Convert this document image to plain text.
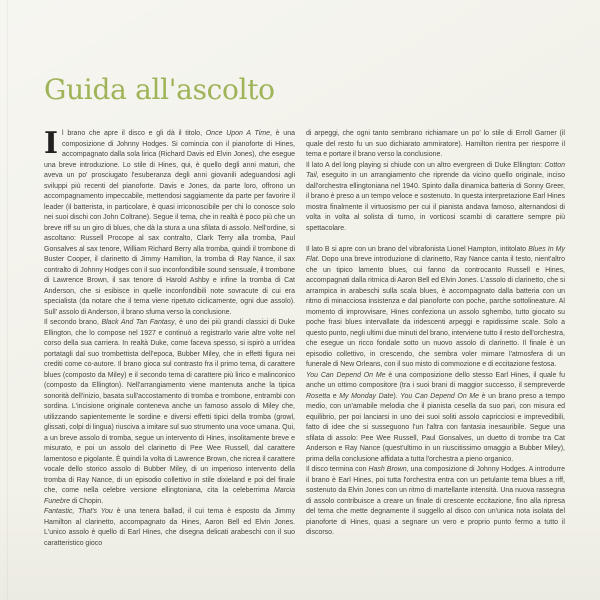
Guida all'ascolto

Il brano che apre il disco e gli dà il titolo, Once Upon A Time, è una composizione di Johnny Hodges. Si comincia con il pianoforte di Hines, accompagnato dalla sola lirica (Richard Davis ed Elvin Jones), che esegue una breve introduzione. Lo stile di Hines, qui, è quello degli anni maturi, che aveva un po' prosciugato l'esuberanza degli anni giovanili adeguandosi agli sviluppi più recenti del pianoforte. Davis e Jones, da parte loro, offrono un accompagnamento impeccabile, mettendosi saggiamente da parte per favorire il leader (il batterista, in particolare, è quasi irriconoscibile per chi lo conosce solo nei suoi dischi con John Coltrane). Segue il tema, che in realtà è poco più che un breve riff su un giro di blues, che dà la stura a una sfilata di assolo. Nell'ordine, si ascoltano: Russell Procope al sax contralto, Clark Terry alla tromba, Paul Gonsalves al sax tenore, William Richard Berry alla tromba, quindi il trombone di Buster Cooper, il clarinetto di Jimmy Hamilton, la tromba di Ray Nance, il sax contralto di Johnny Hodges con il suo inconfondibile sound sensuale, il trombone di Lawrence Brown, il sax tenore di Harold Ashby e infine la tromba di Cat Anderson, che si esibisce in quelle inconfondibili note sovracute di cui era specialista (da notare che il tema viene ripetuto ciclicamente, ogni due assolo). Sull' assolo di Anderson, il brano sfuma verso la conclusione.

Il secondo brano, Black And Tan Fantasy, è uno dei più grandi classici di Duke Ellington, che lo compose nel 1927 e continuò a registrarlo varie altre volte nel corso della sua carriera. In realtà Duke, come faceva spesso, si ispirò a un'idea portatagli dal suo trombettista dell'epoca, Bubber Miley, che in effetti figura nei crediti come co-autore. Il brano gioca sul contrasto fra il primo tema, di carattere blues (composto da Miley) e il secondo tema di carattere più lirico e malinconico (composto da Ellington). Nell'arrangiamento viene mantenuta anche la tipica sonorità dell'inizio, basata sull'accostamento di tromba e trombone, entrambi con sordina. L'incisione originale conteneva anche un famoso assolo di Miley che, utilizzando sapientemente le sordine e diversi effetti tipici della tromba (growl, glissati, colpi di lingua) riusciva a imitare sul suo strumento una voce umana. Qui, a un breve assolo di tromba, segue un intervento di Hines, insolitamente breve e misurato, e poi un assolo del clarinetto di Pee Wee Russell, dal carattere lamentoso e pigolante. È quindi la volta di Lawrence Brown, che ricrea il carattere vocale dello storico assolo di Bubber Miley, di un imperioso intervento della tromba di Ray Nance, di un episodio collettivo in stile dixieland e poi del finale che, come nella celebre versione ellingtoniana, cita la celeberrima Marcia Funebre di Chopin.

Fantastic, That's You è una tenera ballad, il cui tema è esposto da Jimmy Hamilton al clarinetto, accompagnato da Hines, Aaron Bell ed Elvin Jones. L'unico assolo è quello di Earl Hines, che disegna delicati arabeschi con il suo caratteristico gioco

di arpeggi, che ogni tanto sembrano richiamare un po' lo stile di Erroll Garner (il quale del resto fu un suo dichiarato ammiratore). Hamilton rientra per riesporre il tema e portare il brano verso la conclusione.

Il lato A del long playing si chiude con un altro evergreen di Duke Ellington: Cotton Tail, eseguito in un arrangiamento che riprende da vicino quello originale, inciso dall'orchestra ellingtoniana nel 1940. Spinto dalla dinamica batteria di Sonny Greer, il brano è preso a un tempo veloce e sostenuto. In questa interpretazione Earl Hines mostra finalmente il virtuosismo per cui il pianista andava famoso, alternandosi di volta in volta al solista di turno, in vorticosi scambi di carattere sempre più spettacolare.

Il lato B si apre con un brano del vibrafonista Lionel Hampton, intitolato Blues In My Flat. Dopo una breve introduzione di clarinetto, Ray Nance canta il testo, nient'altro che un tipico lamento blues, cui fanno da controcanto Russell e Hines, accompagnati dalla ritmica di Aaron Bell ed Elvin Jones. L'assolo di clarinetto, che si arrampica in arabeschi sulla scala blues, è accompagnato dalla batteria con un ritmo di minacciosa insistenza e dal pianoforte con poche, parche sottolineature. Al momento di improvvisare, Hines confeziona un assolo sghembo, tutto giocato su poche frasi blues intervallate da iridescenti arpeggi e rapidissime scale. Solo a questo punto, negli ultimi due minuti del brano, interviene tutto il resto dell'orchestra, che esegue un ricco fondale sotto un nuovo assolo di clarinetto. Il finale è un episodio collettivo, in crescendo, che sembra voler mimare l'atmosfera di un funerale di New Orleans, con il suo misto di commozione e di eccitazione festosa.

You Can Depend On Me è una composizione dello stesso Earl Hines, il quale fu anche un ottimo compositore (tra i suoi brani di maggior successo, il sempreverde Rosetta e My Monday Date). You Can Depend On Me è un brano preso a tempo medio, con un'amabile melodia che il pianista cesella da suo pari, con misura ed equilibrio, per poi lanciarsi in uno dei suoi soliti assolo capricciosi e imprevedibili, fatto di idee che si susseguono l'un l'altra con fantasia inesauribile. Segue una sfilata di assolo: Pee Wee Russell, Paul Gonsalves, un duetto di trombe tra Cat Anderson e Ray Nance (quest'ultimo in un riuscitissimo omaggio a Bubber Miley), prima della conclusione affidata a tutta l'orchestra a pieno organico.

Il disco termina con Hash Brown, una composizione di Johnny Hodges. A introdurre il brano è Earl Hines, poi tutta l'orchestra entra con un petulante tema blues a riff, sostenuto da Elvin Jones con un ritmo di martellante intensità. Una nuova rassegna di assolo contribuisce a creare un finale di crescente eccitazione, fino alla ripresa del tema che mette degnamente il suggello al disco con un'unica nota isolata del pianoforte di Hines, quasi a segnare un vero e proprio punto fermo a tutto il discorso.
